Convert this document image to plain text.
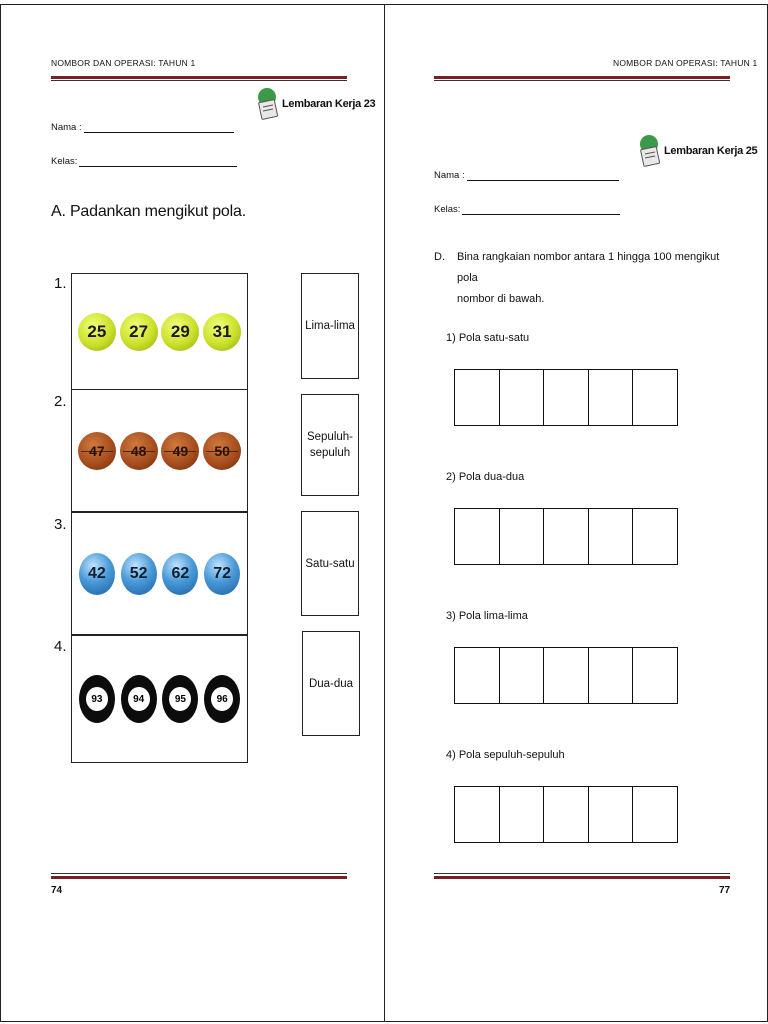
NOMBOR DAN OPERASI: TAHUN 1
Lembaran Kerja 23
Nama :
Kelas:
A. Padankan mengikut pola.
1.
25	27	29	31	Lima-lima
2.
47	48	49	50
Sepuluh-
sepuluh
3.
42	52	62	72
Satu-satu
4.
93	94	95	96
Dua-dua
74
NOMBOR DAN OPERASI: TAHUN 1
Lembaran Kerja 25
Nama :
Kelas:
D. Bina rangkaian nombor antara 1 hingga 100 mengikut pola
nombor di bawah.
1) Pola satu-satu
2) Pola dua-dua
3) Pola lima-lima
4) Pola sepuluh-sepuluh
77
